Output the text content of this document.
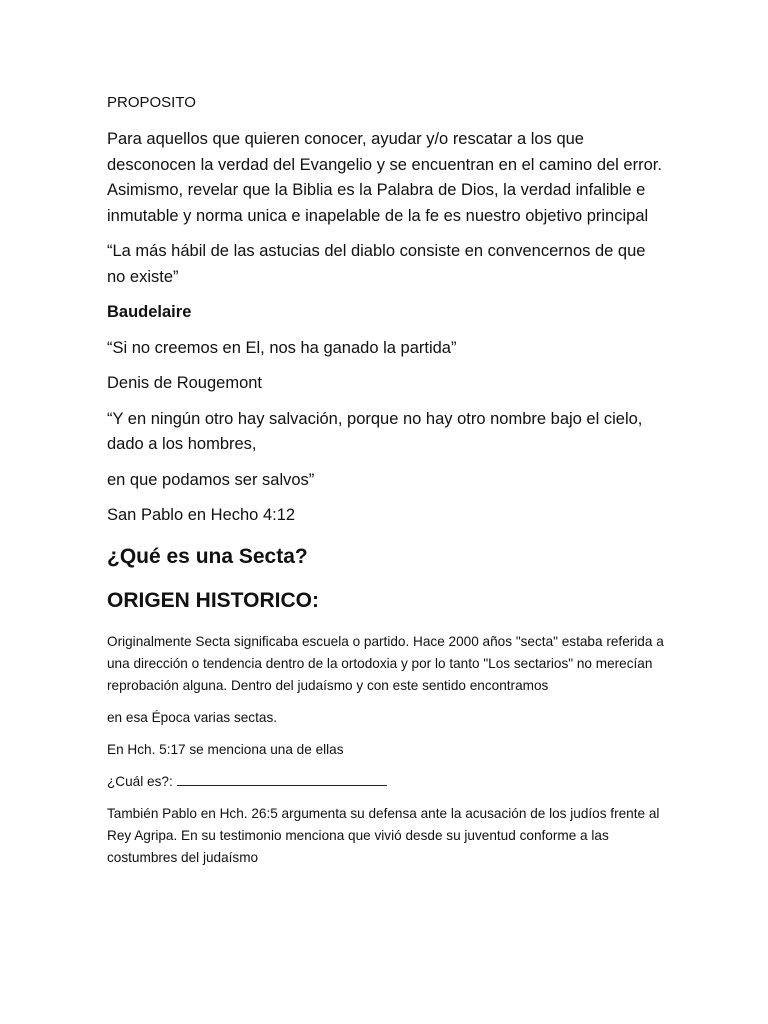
PROPOSITO

Para aquellos que quieren conocer, ayudar y/o rescatar a los que desconocen la verdad del Evangelio y se encuentran en el camino del error. Asimismo, revelar que la Biblia es la Palabra de Dios, la verdad infalible e inmutable y norma unica e inapelable de la fe es nuestro objetivo principal

“La más hábil de las astucias del diablo consiste en convencernos de que no existe”

Baudelaire

“Si no creemos en El, nos ha ganado la partida”

Denis de Rougemont

“Y en ningún otro hay salvación, porque no hay otro nombre bajo el cielo, dado a los hombres,

en que podamos ser salvos”

San Pablo en Hecho 4:12

¿Qué es una Secta?
ORIGEN HISTORICO:

Originalmente Secta significaba escuela o partido. Hace 2000 años "secta" estaba referida a una dirección o tendencia dentro de la ortodoxia y por lo tanto "Los sectarios" no merecían reprobación alguna. Dentro del judaísmo y con este sentido encontramos

en esa Época varias sectas.

En Hch. 5:17 se menciona una de ellas

¿Cuál es?:

También Pablo en Hch. 26:5 argumenta su defensa ante la acusación de los judíos frente al Rey Agripa. En su testimonio menciona que vivió desde su juventud conforme a las costumbres del judaísmo
